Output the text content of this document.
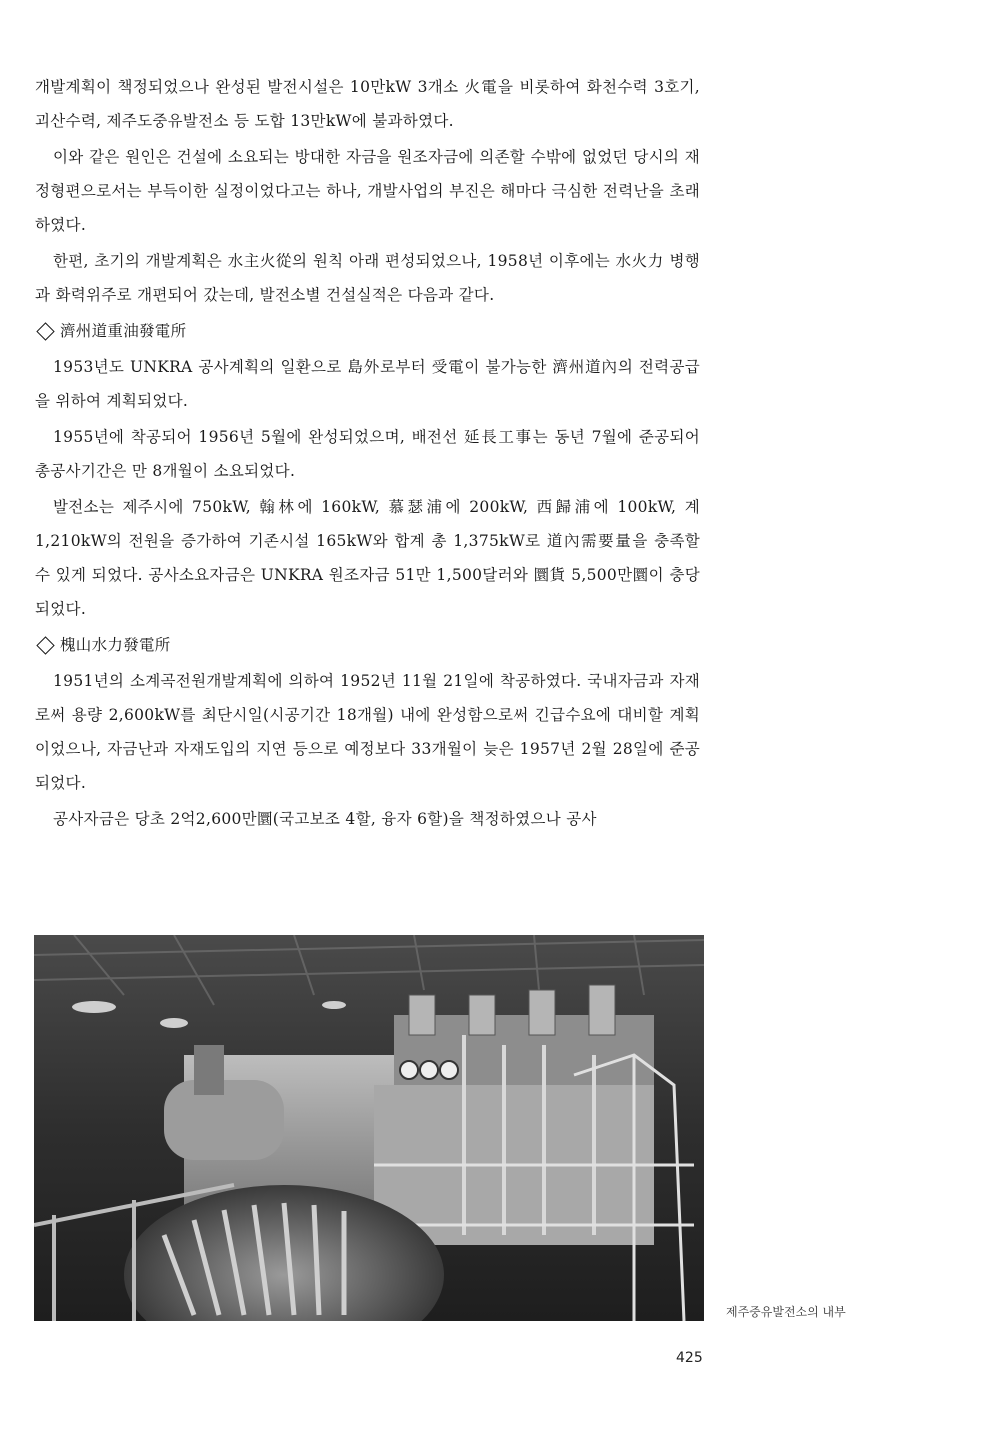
개발계획이 책정되었으나 완성된 발전시설은 10만kW 3개소 火電을 비롯하여 화천수력 3호기, 괴산수력, 제주도중유발전소 등 도합 13만kW에 불과하였다.

이와 같은 원인은 건설에 소요되는 방대한 자금을 원조자금에 의존할 수밖에 없었던 당시의 재정형편으로서는 부득이한 실정이었다고는 하나, 개발사업의 부진은 해마다 극심한 전력난을 초래하였다.

한편, 초기의 개발계획은 水主火從의 원칙 아래 편성되었으나, 1958년 이후에는 水火力 병행과 화력위주로 개편되어 갔는데, 발전소별 건설실적은 다음과 같다.

濟州道重油發電所

1953년도 UNKRA 공사계획의 일환으로 島外로부터 受電이 불가능한 濟州道內의 전력공급을 위하여 계획되었다.

1955년에 착공되어 1956년 5월에 완성되었으며, 배전선 延長工事는 동년 7월에 준공되어 총공사기간은 만 8개월이 소요되었다.

발전소는 제주시에 750kW, 翰林에 160kW, 慕瑟浦에 200kW, 西歸浦에 100kW, 계 1,210kW의 전원을 증가하여 기존시설 165kW와 합계 총 1,375kW로 道內需要量을 충족할 수 있게 되었다. 공사소요자금은 UNKRA 원조자금 51만 1,500달러와 圜貨 5,500만圜이 충당되었다.

槐山水力發電所

1951년의 소계곡전원개발계획에 의하여 1952년 11월 21일에 착공하였다. 국내자금과 자재로써 용량 2,600kW를 최단시일(시공기간 18개월) 내에 완성함으로써 긴급수요에 대비할 계획이었으나, 자금난과 자재도입의 지연 등으로 예정보다 33개월이 늦은 1957년 2월 28일에 준공되었다.

공사자금은 당초 2억2,600만圜(국고보조 4할, 융자 6할)을 책정하였으나 공사

제주중유발전소의 내부
425
